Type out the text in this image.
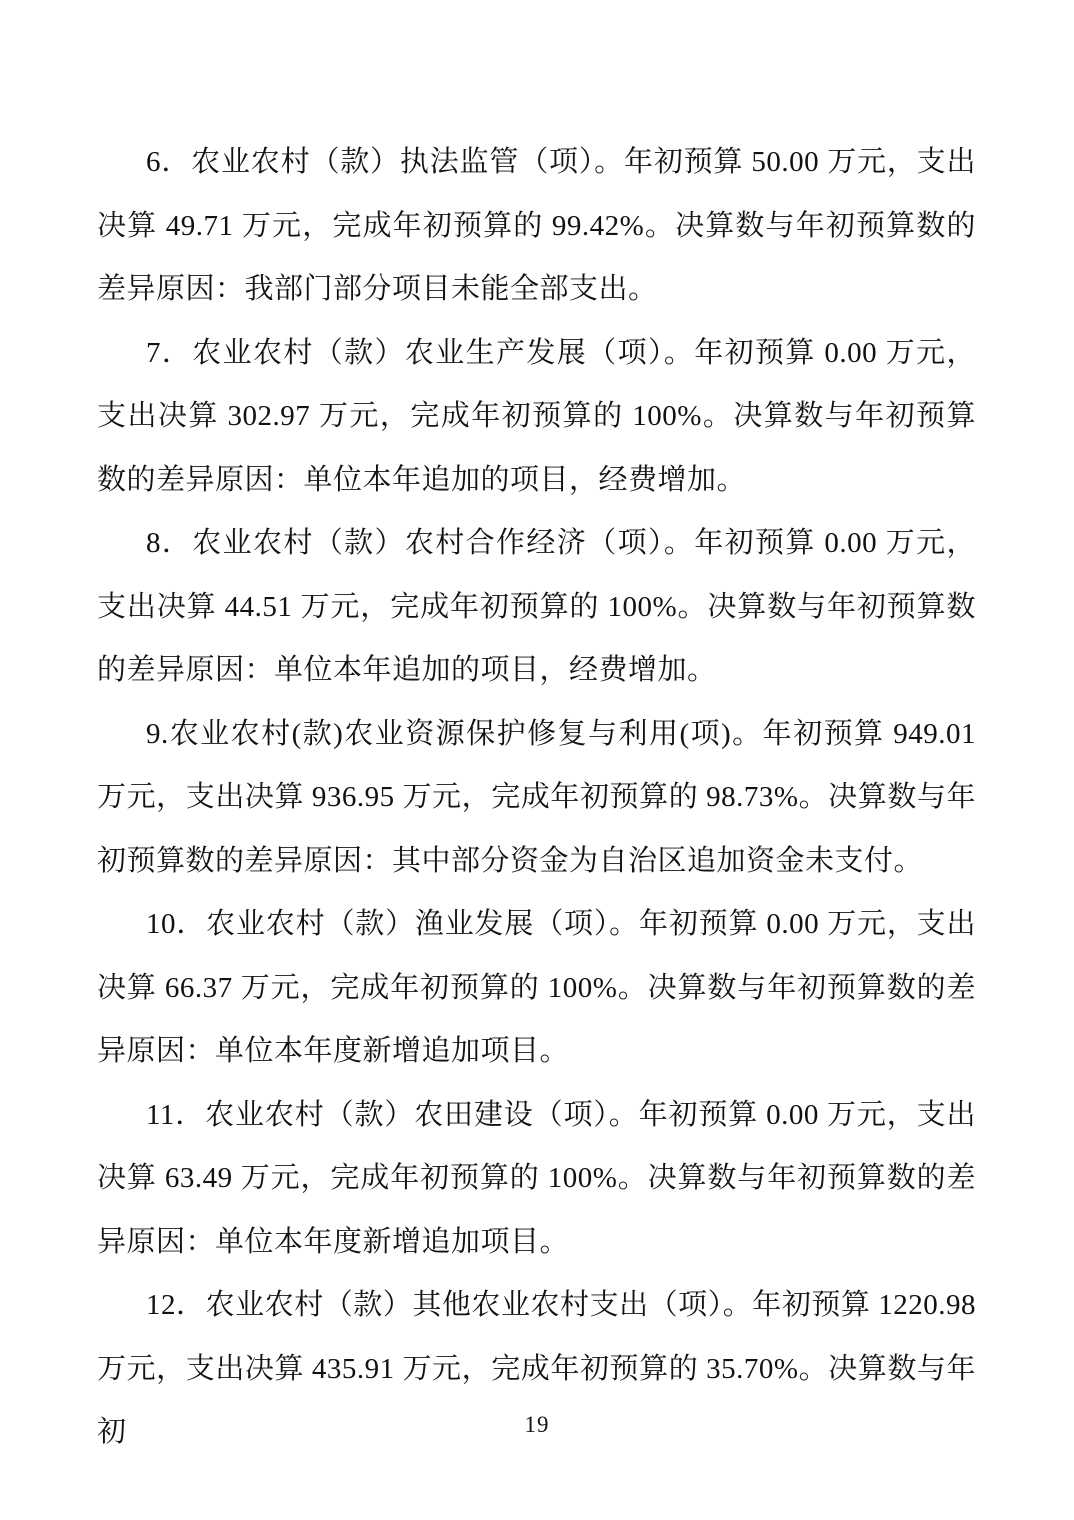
6．农业农村（款）执法监管（项）。年初预算 50.00 万元，支出决算 49.71 万元，完成年初预算的 99.42%。决算数与年初预算数的差异原因：我部门部分项目未能全部支出。

7．农业农村（款）农业生产发展（项）。年初预算 0.00 万元，支出决算 302.97 万元，完成年初预算的 100%。决算数与年初预算数的差异原因：单位本年追加的项目，经费增加。

8．农业农村（款）农村合作经济（项）。年初预算 0.00 万元，支出决算 44.51 万元，完成年初预算的 100%。决算数与年初预算数的差异原因：单位本年追加的项目，经费增加。

9.农业农村(款)农业资源保护修复与利用(项)。年初预算 949.01 万元，支出决算 936.95 万元，完成年初预算的 98.73%。决算数与年初预算数的差异原因：其中部分资金为自治区追加资金未支付。

10．农业农村（款）渔业发展（项）。年初预算 0.00 万元，支出决算 66.37 万元，完成年初预算的 100%。决算数与年初预算数的差异原因：单位本年度新增追加项目。

11．农业农村（款）农田建设（项）。年初预算 0.00 万元，支出决算 63.49 万元，完成年初预算的 100%。决算数与年初预算数的差异原因：单位本年度新增追加项目。

12．农业农村（款）其他农业农村支出（项）。年初预算 1220.98 万元，支出决算 435.91 万元，完成年初预算的 35.70%。决算数与年初	19
